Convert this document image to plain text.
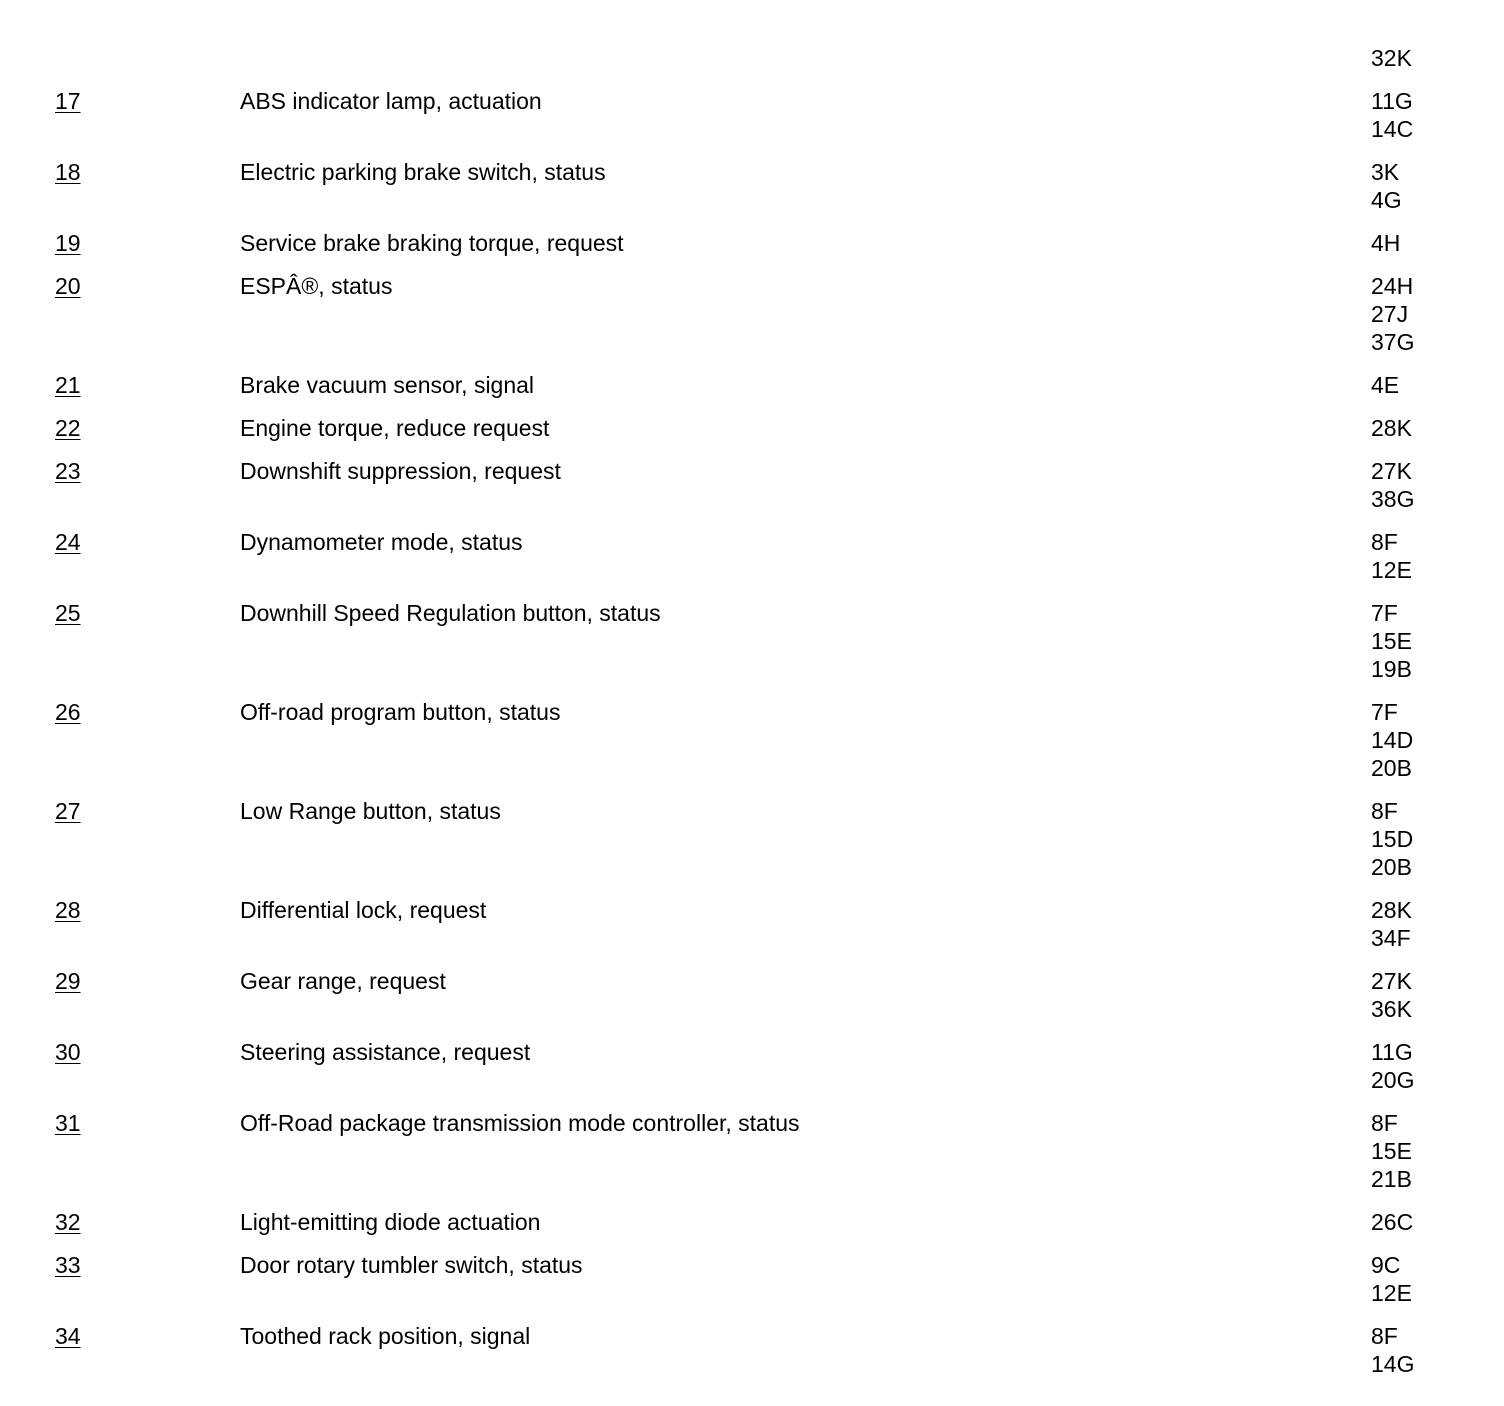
32K
17	ABS indicator lamp, actuation	11G
14C
18	Electric parking brake switch, status	3K
4G
19	Service brake braking torque, request	4H
20	ESPÂ®, status	24H
27J
37G
21	Brake vacuum sensor, signal	4E
22	Engine torque, reduce request	28K
23	Downshift suppression, request	27K
38G
24	Dynamometer mode, status	8F
12E
25	Downhill Speed Regulation button, status	7F
15E
19B
26	Off-road program button, status	7F
14D
20B
27	Low Range button, status	8F
15D
20B
28	Differential lock, request	28K
34F
29	Gear range, request	27K
36K
30	Steering assistance, request	11G
20G
31	Off-Road package transmission mode controller, status	8F
15E
21B
32	Light-emitting diode actuation	26C
33	Door rotary tumbler switch, status	9C
12E
34	Toothed rack position, signal	8F
14G
